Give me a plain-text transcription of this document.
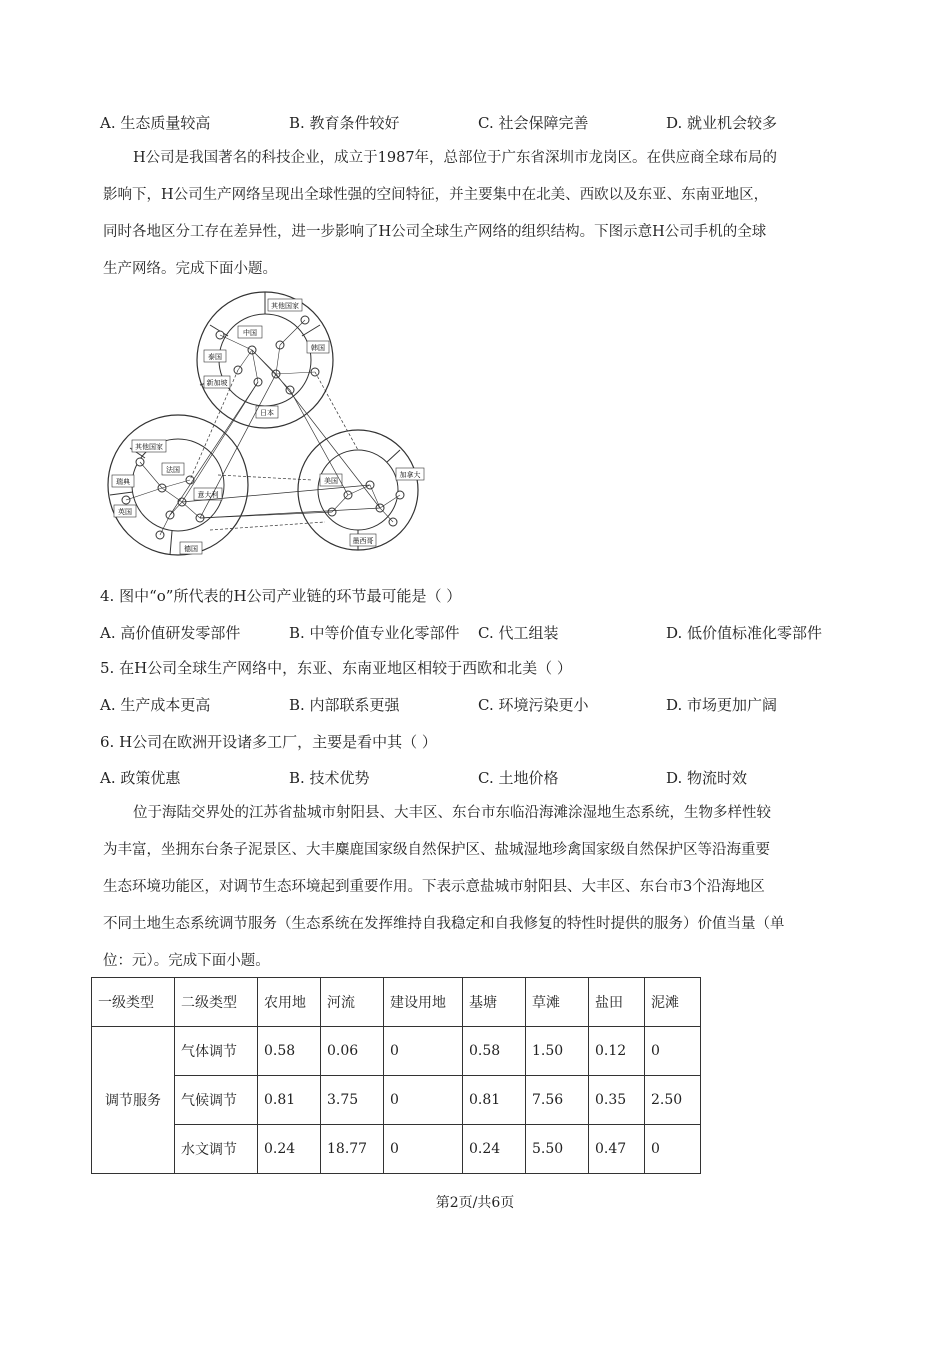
A. 生态质量较高	B. 教育条件较好	C. 社会保障完善	D. 就业机会较多
H公司是我国著名的科技企业，成立于1987年，总部位于广东省深圳市龙岗区。在供应商全球布局的
影响下，H公司生产网络呈现出全球性强的空间特征，并主要集中在北美、西欧以及东亚、东南亚地区，
同时各地区分工存在差异性，进一步影响了H公司全球生产网络的组织结构。下图示意H公司手机的全球
生产网络。完成下面小题。
中国
其他国家
韩国
泰国
新加坡
日本
其他国家
瑞典
英国
德国
法国
意大利
加拿大
美国
墨西哥
4. 图中“o”所代表的H公司产业链的环节最可能是（ ）
A. 高价值研发零部件	B. 中等价值专业化零部件 C. 代工组装	D. 低价值标准化零部件
5. 在H公司全球生产网络中，东亚、东南亚地区相较于西欧和北美（ ）
A. 生产成本更高	B. 内部联系更强	C. 环境污染更小	D. 市场更加广阔
6. H公司在欧洲开设诸多工厂，主要是看中其（ ）
A. 政策优惠	B. 技术优势	C. 土地价格	D. 物流时效
位于海陆交界处的江苏省盐城市射阳县、大丰区、东台市东临沿海滩涂湿地生态系统，生物多样性较
为丰富，坐拥东台条子泥景区、大丰麋鹿国家级自然保护区、盐城湿地珍禽国家级自然保护区等沿海重要
生态环境功能区，对调节生态环境起到重要作用。下表示意盐城市射阳县、大丰区、东台市3个沿海地区
不同土地生态系统调节服务（生态系统在发挥维持自我稳定和自我修复的特性时提供的服务）价值当量（单
位：元）。完成下面小题。
一级类型	二级类型	农用地	河流	建设用地	基塘	草滩	盐田	泥滩
调节服务	气体调节	0.58	0.06	0	0.58	1.50	0.12	0
	气候调节	0.81	3.75	0	0.81	7.56	0.35	2.50
	水文调节	0.24	18.77	0	0.24	5.50	0.47	0
第2页/共6页
